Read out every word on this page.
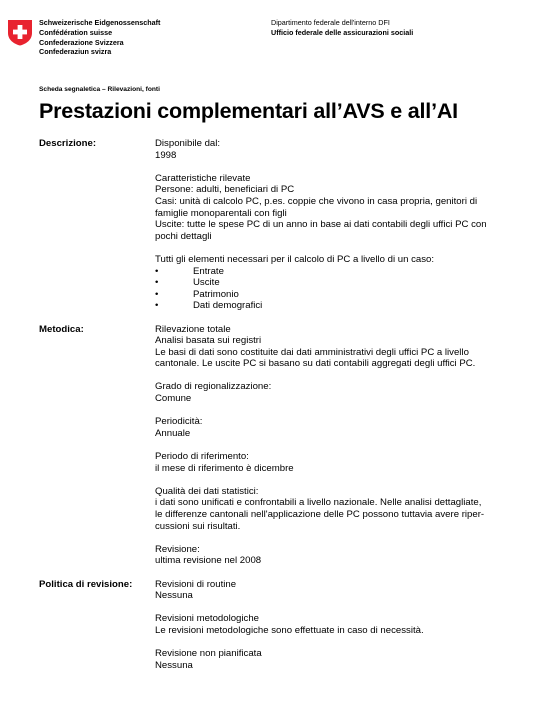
Schweizerische Eidgenossenschaft
Confédération suisse
Confederazione Svizzera
Confederaziun svizra
Dipartimento federale dell'interno DFI
Ufficio federale delle assicurazioni sociali
Scheda segnaletica – Rilevazioni, fonti
Prestazioni complementari all’AVS e all’AI
Descrizione:	Disponibile dal:
1998
Caratteristiche rilevate
Persone: adulti, beneficiari di PC
Casi: unità di calcolo PC, p.es. coppie che vivono in casa propria, genitori di
famiglie monoparentali con figli
Uscite: tutte le spese PC di un anno in base ai dati contabili degli uffici PC con
pochi dettagli
Tutti gli elementi necessari per il calcolo di PC a livello di un caso:
•	Entrate
•	Uscite
•	Patrimonio
•	Dati demografici
Metodica:	Rilevazione totale
Analisi basata sui registri
Le basi di dati sono costituite dai dati amministrativi degli uffici PC a livello
cantonale. Le uscite PC si basano su dati contabili aggregati degli uffici PC.
Grado di regionalizzazione:
Comune
Periodicità:
Annuale
Periodo di riferimento:
il mese di riferimento è dicembre
Qualità dei dati statistici:
i dati sono unificati e confrontabili a livello nazionale. Nelle analisi dettagliate,
le differenze cantonali nell'applicazione delle PC possono tuttavia avere riper-
cussioni sui risultati.
Revisione:
ultima revisione nel 2008
Politica di revisione: Revisioni di routine
Nessuna
Revisioni metodologiche
Le revisioni metodologiche sono effettuate in caso di necessità.
Revisione non pianificata
Nessuna
